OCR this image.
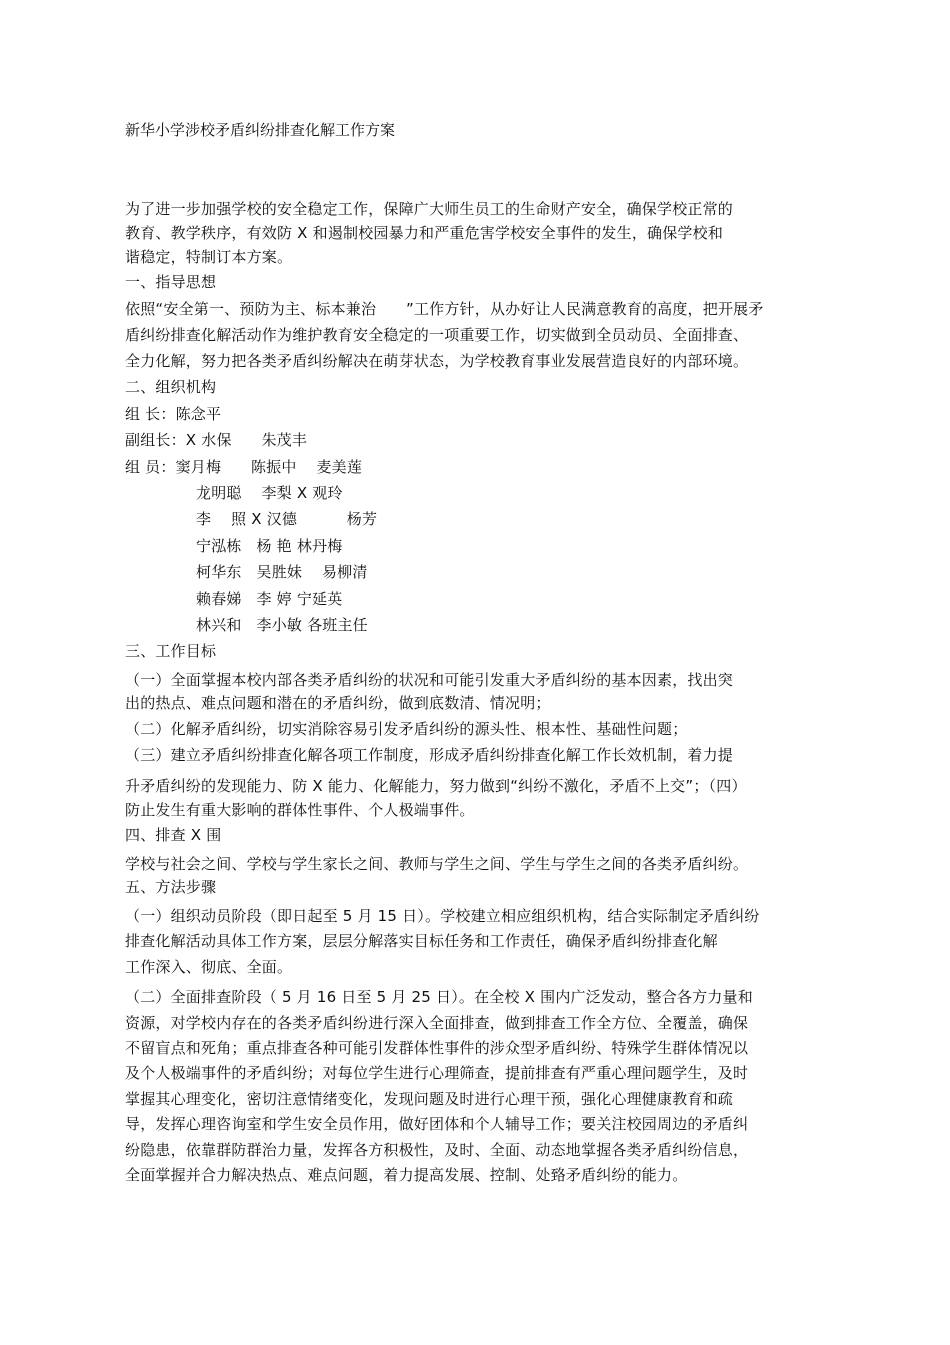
新华小学涉校矛盾纠纷排查化解工作方案

为了进一步加强学校的安全稳定工作，保障广大师生员工的生命财产安全，确保学校正常的

教育、教学秩序，有效防 X 和遏制校园暴力和严重危害学校安全事件的发生，确保学校和

谐稳定，特制订本方案。

一、指导思想

依照“安全第一、预防为主、标本兼治      ”工作方针，从办好让人民满意教育的高度，把开展矛

盾纠纷排查化解活动作为维护教育安全稳定的一项重要工作，切实做到全员动员、全面排查、

全力化解，努力把各类矛盾纠纷解决在萌芽状态，为学校教育事业发展营造良好的内部环境。

二、组织机构

组 长：陈念平

副组长：X 水保      朱茂丰

组 员：窦月梅      陈振中    麦美莲

龙明聪    李梨 X 观玲

李    照 X 汉德          杨芳

宁泓栋   杨 艳 林丹梅

柯华东   吴胜妹    易柳清

赖春娣   李 婷 宁延英

林兴和   李小敏 各班主任

三、工作目标

（一）全面掌握本校内部各类矛盾纠纷的状况和可能引发重大矛盾纠纷的基本因素，找出突

出的热点、难点问题和潜在的矛盾纠纷，做到底数清、情况明；

（二）化解矛盾纠纷，切实消除容易引发矛盾纠纷的源头性、根本性、基础性问题；

（三）建立矛盾纠纷排查化解各项工作制度，形成矛盾纠纷排查化解工作长效机制，着力提

升矛盾纠纷的发现能力、防 X 能力、化解能力，努力做到“纠纷不激化，矛盾不上交”；（四）

防止发生有重大影响的群体性事件、个人极端事件。

四、排查 X 围

学校与社会之间、学校与学生家长之间、教师与学生之间、学生与学生之间的各类矛盾纠纷。

五、方法步骤

（一）组织动员阶段（即日起至 5 月 15 日）。学校建立相应组织机构，结合实际制定矛盾纠纷

排查化解活动具体工作方案，层层分解落实目标任务和工作责任，确保矛盾纠纷排查化解

工作深入、彻底、全面。

（二）全面排查阶段（ 5 月 16 日至 5 月 25 日）。在全校 X 围内广泛发动，整合各方力量和

资源，对学校内存在的各类矛盾纠纷进行深入全面排查，做到排查工作全方位、全覆盖，确保

不留盲点和死角；重点排查各种可能引发群体性事件的涉众型矛盾纠纷、特殊学生群体情况以

及个人极端事件的矛盾纠纷；对每位学生进行心理筛查，提前排查有严重心理问题学生，及时

掌握其心理变化，密切注意情绪变化，发现问题及时进行心理干预，强化心理健康教育和疏

导，发挥心理咨询室和学生安全员作用，做好团体和个人辅导工作；要关注校园周边的矛盾纠

纷隐患，依靠群防群治力量，发挥各方积极性，及时、全面、动态地掌握各类矛盾纠纷信息，

全面掌握并合力解决热点、难点问题，着力提高发展、控制、处臵矛盾纠纷的能力。
